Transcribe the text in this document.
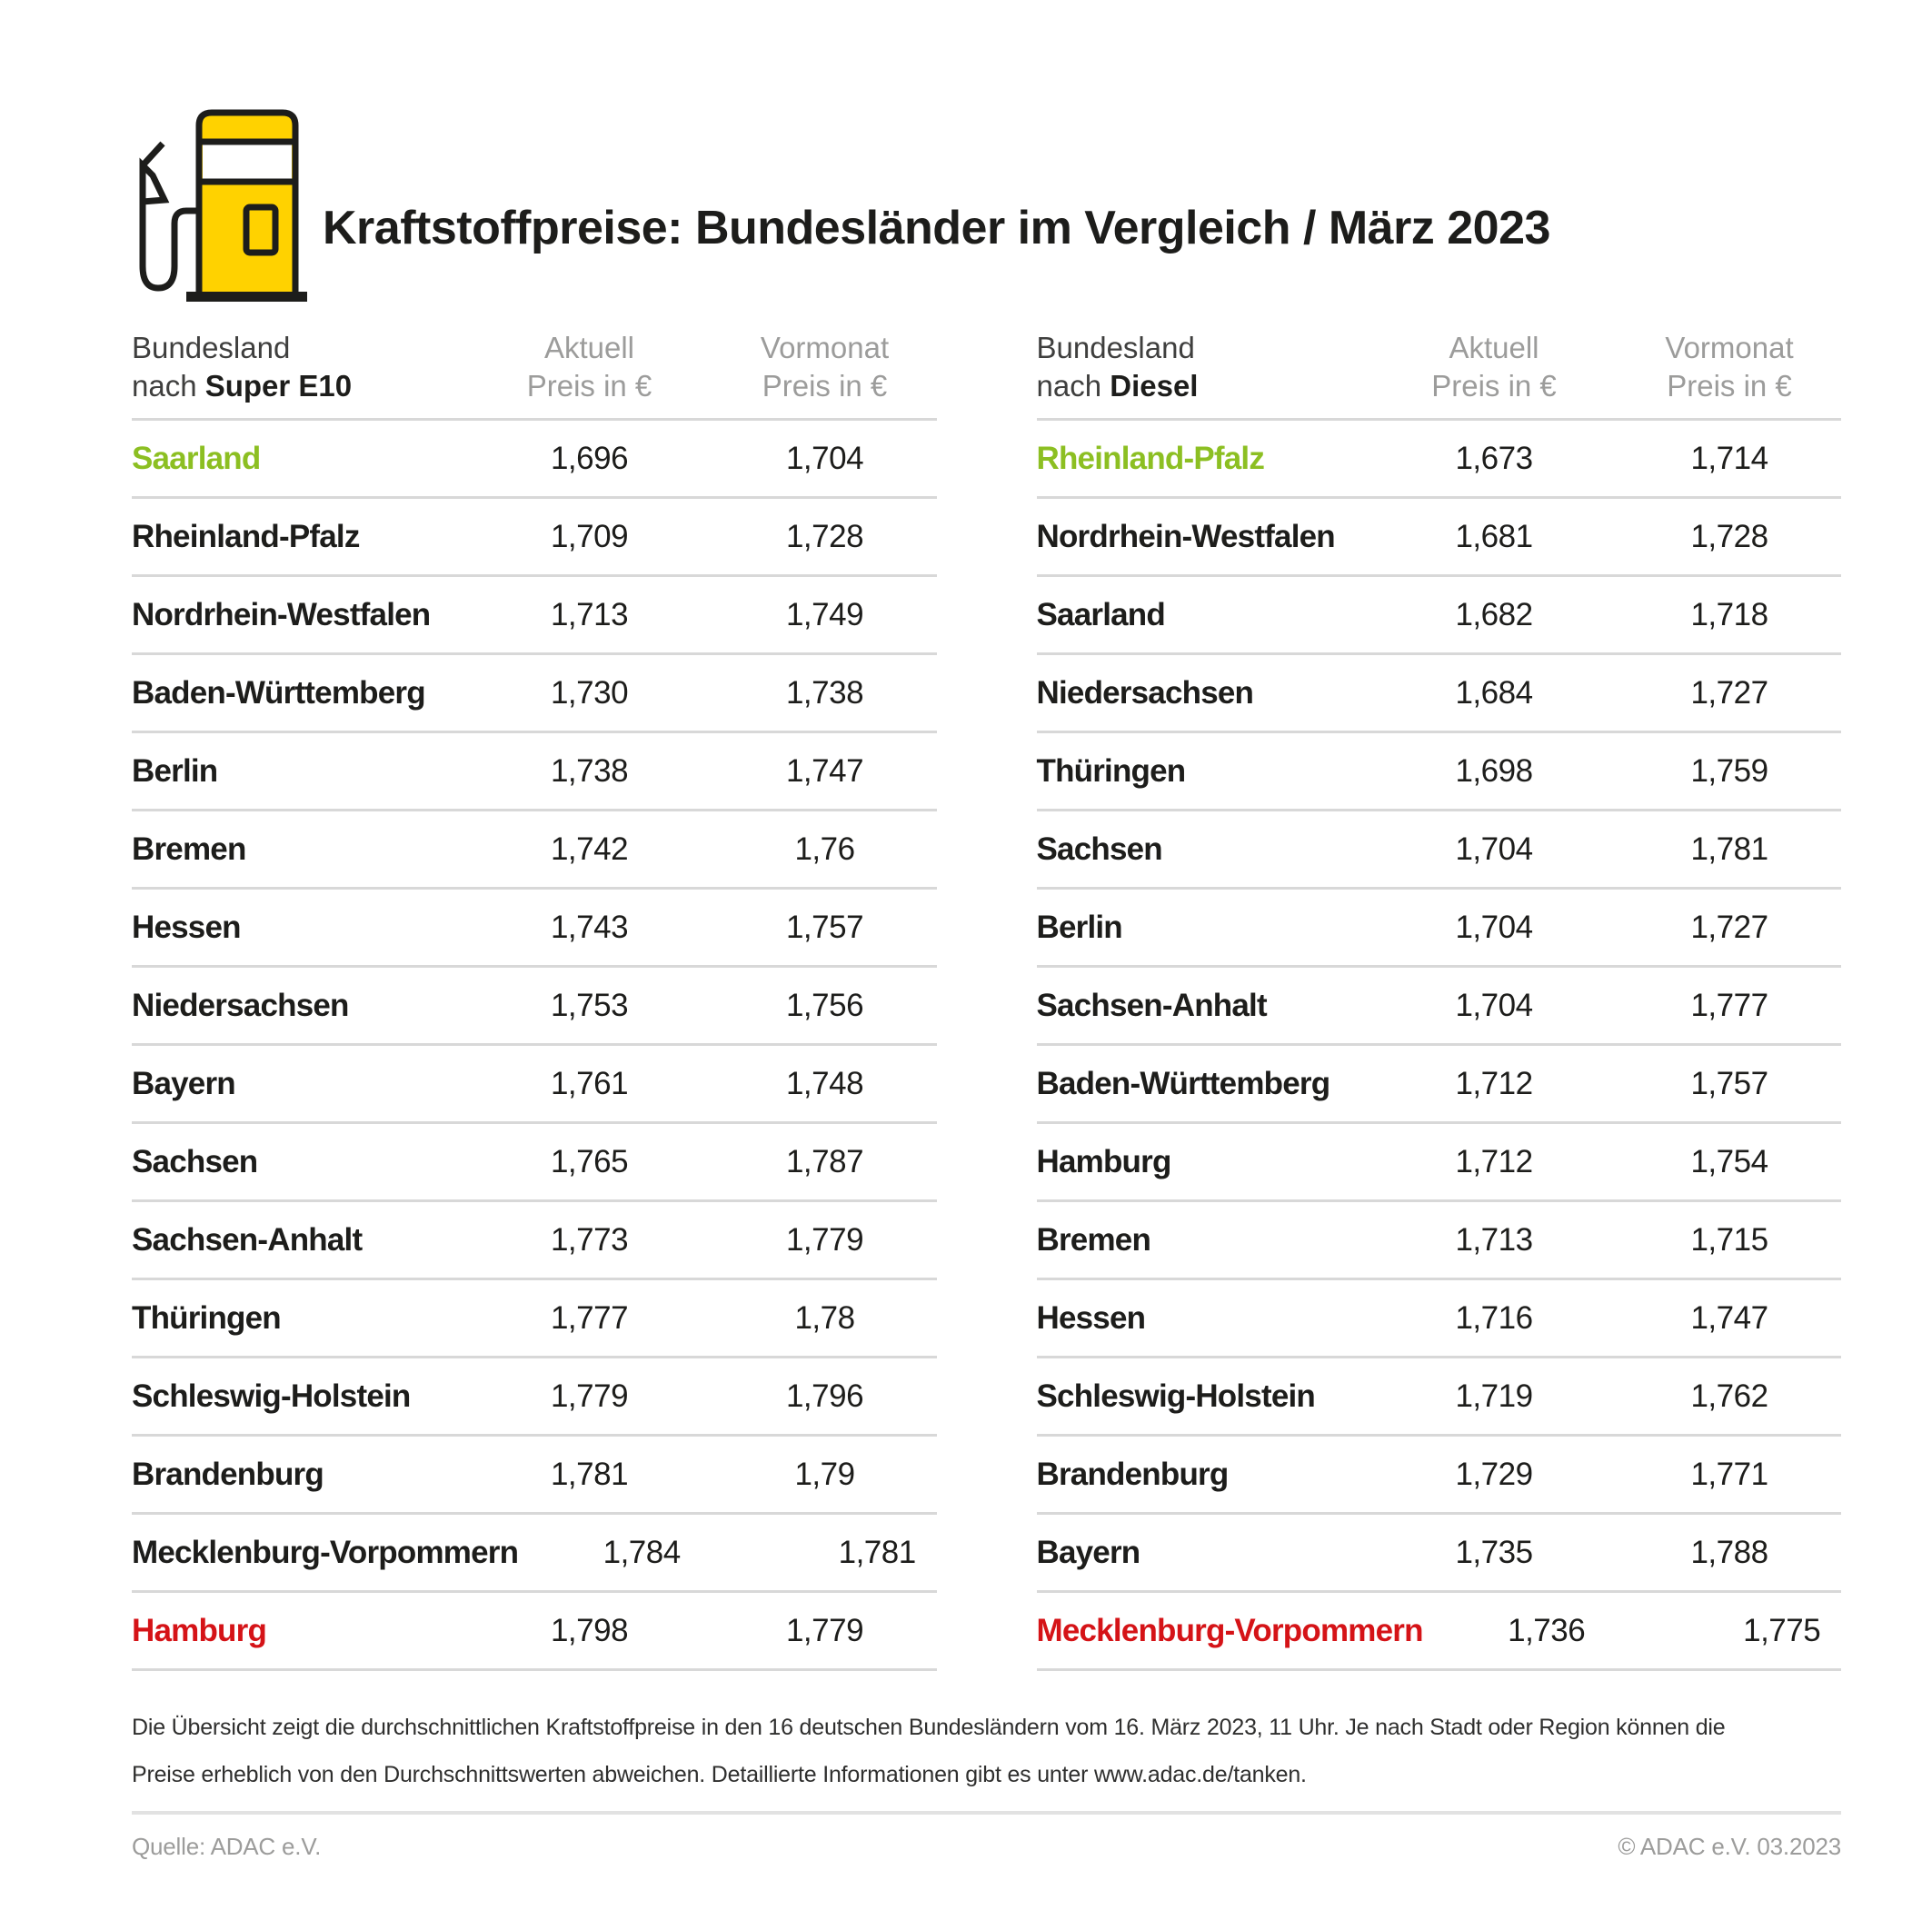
Kraftstoffpreise: Bundesländer im Vergleich / März 2023
Bundesland
nach Super E10
Aktuell
Preis in €
Vormonat
Preis in €
Saarland	1,696	1,704
Rheinland-Pfalz	1,709	1,728
Nordrhein-Westfalen	1,713	1,749
Baden-Württemberg	1,730	1,738
Berlin	1,738	1,747
Bremen	1,742	1,76
Hessen	1,743	1,757
Niedersachsen	1,753	1,756
Bayern	1,761	1,748
Sachsen	1,765	1,787
Sachsen-Anhalt	1,773	1,779
Thüringen	1,777	1,78
Schleswig-Holstein	1,779	1,796
Brandenburg	1,781	1,79
Mecklenburg-Vorpommern	1,784	1,781
Hamburg	1,798	1,779
Bundesland
nach Diesel
Aktuell
Preis in €
Vormonat
Preis in €
Rheinland-Pfalz	1,673	1,714
Nordrhein-Westfalen	1,681	1,728
Saarland	1,682	1,718
Niedersachsen	1,684	1,727
Thüringen	1,698	1,759
Sachsen	1,704	1,781
Berlin	1,704	1,727
Sachsen-Anhalt	1,704	1,777
Baden-Württemberg	1,712	1,757
Hamburg	1,712	1,754
Bremen	1,713	1,715
Hessen	1,716	1,747
Schleswig-Holstein	1,719	1,762
Brandenburg	1,729	1,771
Bayern	1,735	1,788
Mecklenburg-Vorpommern	1,736	1,775

Die Übersicht zeigt die durchschnittlichen Kraftstoffpreise in den 16 deutschen Bundesländern vom 16. März 2023, 11 Uhr. Je nach Stadt oder Region können die
Preise erheblich von den Durchschnittswerten abweichen. Detaillierte Informationen gibt es unter www.adac.de/tanken.

Quelle: ADAC e.V.	© ADAC e.V. 03.2023
